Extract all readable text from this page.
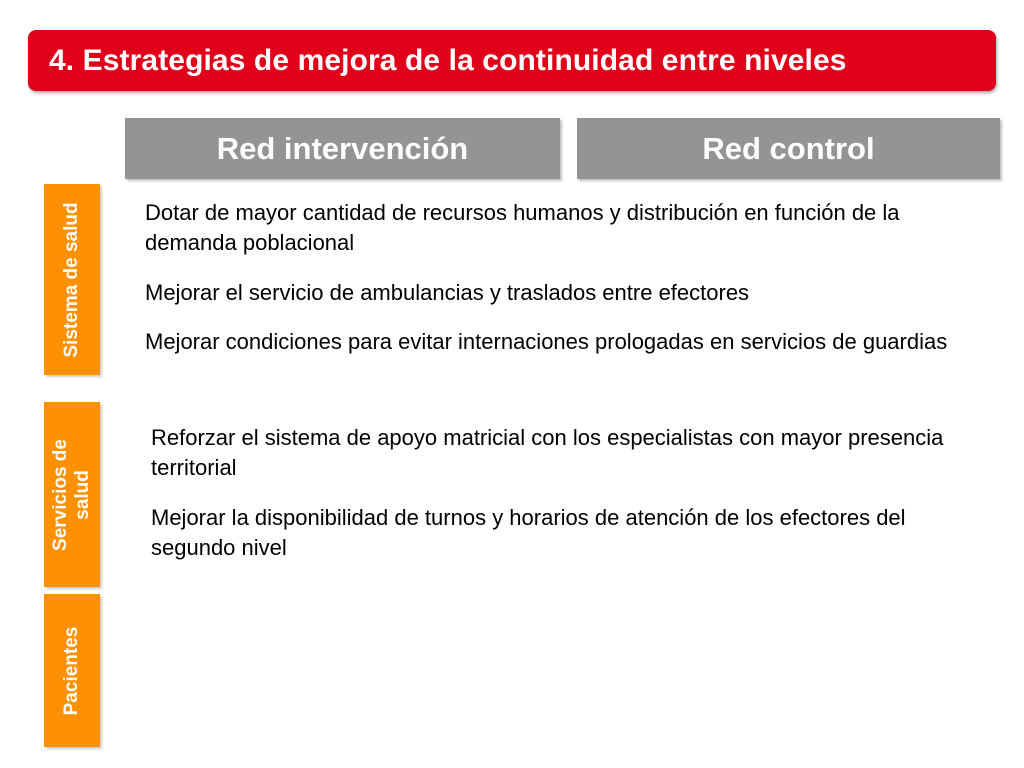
4. Estrategias de mejora de la continuidad entre niveles
Red intervención	Red control
Sistema de salud
Servicios de salud
Pacientes

Dotar de mayor cantidad de recursos humanos y distribución en función de la demanda poblacional

Mejorar el servicio de ambulancias y traslados entre efectores

Mejorar condiciones para evitar internaciones prologadas en servicios de guardias

Reforzar el sistema de apoyo matricial con los especialistas con mayor presencia territorial

Mejorar la disponibilidad de turnos y horarios de atención de los efectores del segundo nivel
